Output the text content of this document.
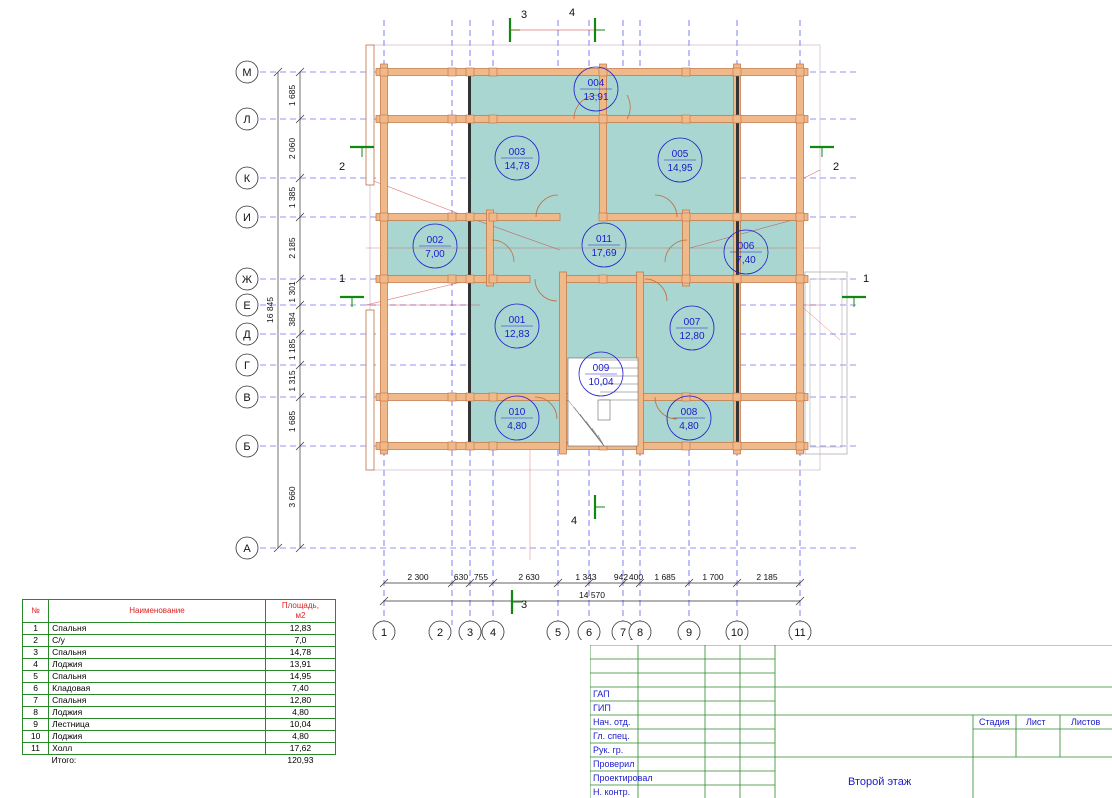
004
13,91
003
14,78
005
14,95
002
7,00
011
17,69
006
7,40
001
12,83
007
12,80
009
10,04
010
4,80
008
4,80
М
Л
К
И
Ж
Е
Д
Г
В
Б
А
1	2 3 4	5 6	7 8	9	10	11
1 685
2 060
1 385
2 185
1 301
384
1 185
1 315
1 685
3 660
16 845
2 300	630 755	2 630	1 343 942 400 1 685	1 700	2 185
14 570
2	2
1	1
3	4
4
3
№	Наименование	Площадь,
м2
1	Спальня	12,83
2	С/у	7,0
3	Спальня	14,78
4	Лоджия	13,91
5	Спальня	14,95
6	Кладовая	7,40
7	Спальня	12,80
8	Лоджия	4,80
9	Лестница	10,04
10	Лоджия	4,80
11	Холл	17,62
	Итого:	120,93
ГАП
ГИП
Нач. отд.
Гл. спец.
Рук. гр.
Проверил
Проектировал
Н. контр.
Стадия Лист	Листов
Второй этаж
